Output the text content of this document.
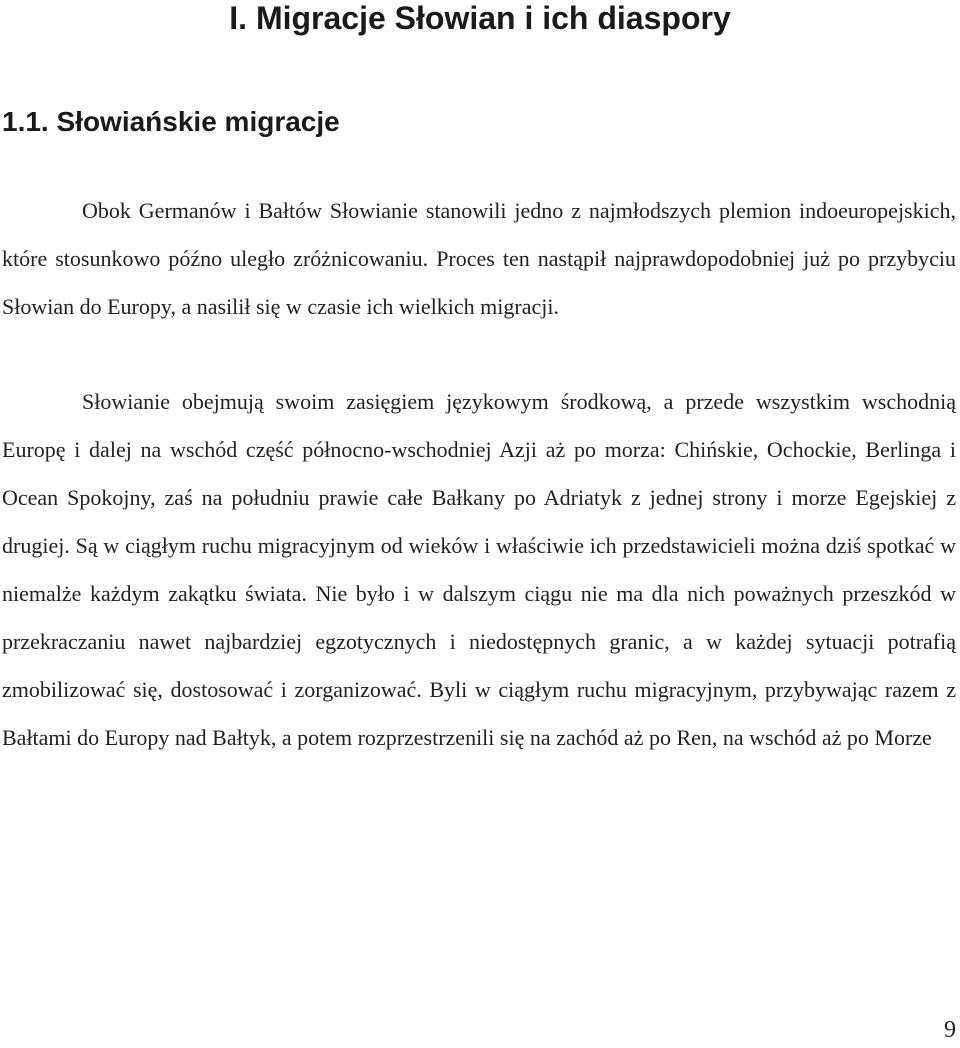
I. Migracje Słowian i ich diaspory
1.1. Słowiańskie migracje

Obok Germanów i Bałtów Słowianie stanowili jedno z najmłodszych plemion indoeuropejskich, które stosunkowo późno uległo zróżnicowaniu. Proces ten nastąpił najprawdopodobniej już po przybyciu Słowian do Europy, a nasilił się w czasie ich wielkich migracji.

Słowianie obejmują swoim zasięgiem językowym środkową, a przede wszystkim wschodnią Europę i dalej na wschód część północno-wschodniej Azji aż po morza: Chińskie, Ochockie, Berlinga i Ocean Spokojny, zaś na południu prawie całe Bałkany po Adriatyk z jednej strony i morze Egejskiej z drugiej. Są w ciągłym ruchu migracyjnym od wieków i właściwie ich przedstawicieli można dziś spotkać w niemalże każdym zakątku świata. Nie było i w dalszym ciągu nie ma dla nich poważnych przeszkód w przekraczaniu nawet najbardziej egzotycznych i niedostępnych granic, a w każdej sytuacji potrafią zmobilizować się, dostosować i zorganizować. Byli w ciągłym ruchu migracyjnym, przybywając razem z Bałtami do Europy nad Bałtyk, a potem rozprzestrzenili się na zachód aż po Ren, na wschód aż po Morze

9
